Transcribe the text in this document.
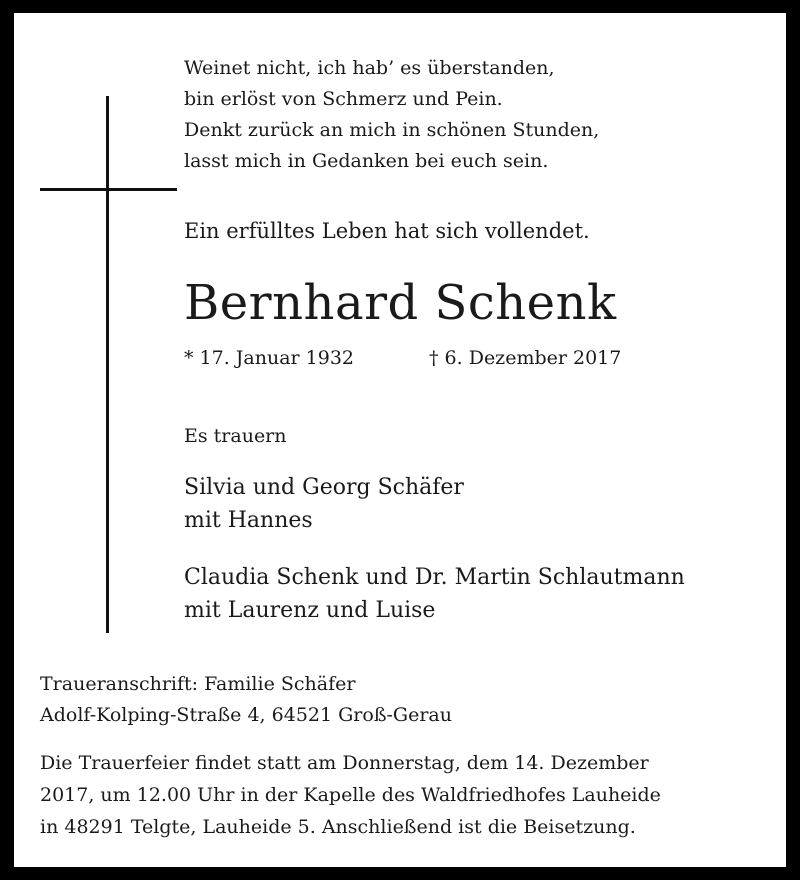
Weinet nicht, ich hab’ es überstanden,
bin erlöst von Schmerz und Pein.
Denkt zurück an mich in schönen Stunden,
lasst mich in Gedanken bei euch sein.
Ein erfülltes Leben hat sich vollendet.
Bernhard Schenk
* 17. Januar 1932	† 6. Dezember 2017
Es trauern
Silvia und Georg Schäfer
mit Hannes
Claudia Schenk und Dr. Martin Schlautmann
mit Laurenz und Luise
Traueranschrift: Familie Schäfer
Adolf-Kolping-Straße 4, 64521 Groß-Gerau
Die Trauerfeier findet statt am Donnerstag, dem 14. Dezember
2017, um 12.00 Uhr in der Kapelle des Waldfriedhofes Lauheide
in 48291 Telgte, Lauheide 5. Anschließend ist die Beisetzung.
